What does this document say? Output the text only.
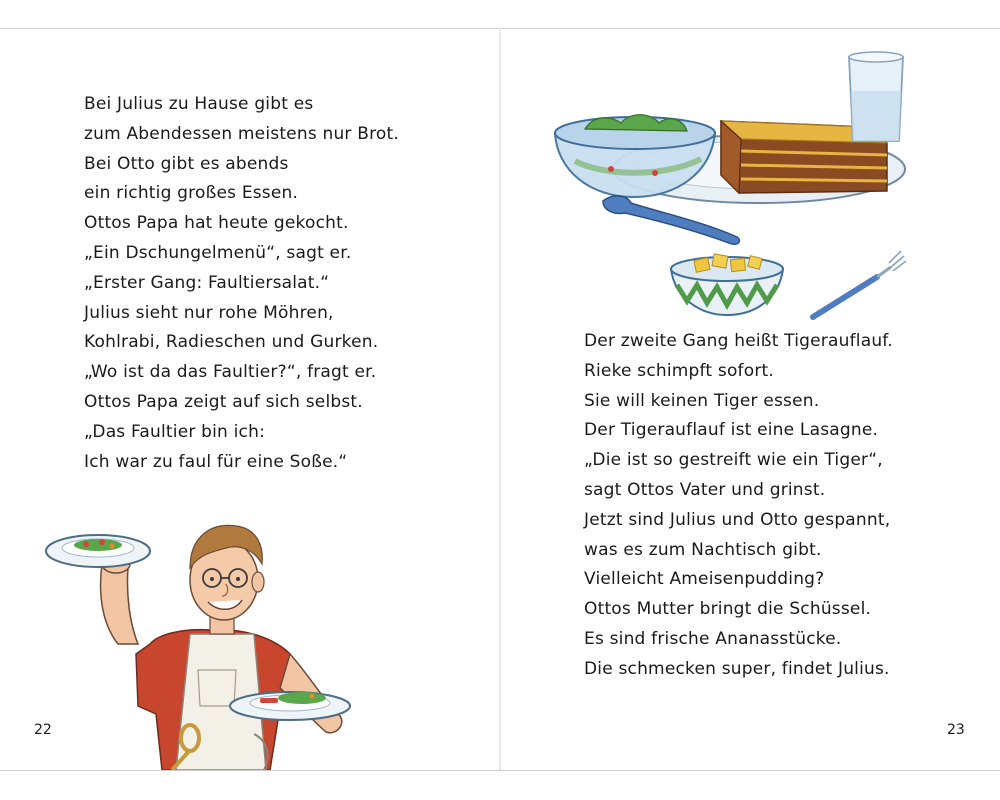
Bei Julius zu Hause gibt es
zum Abendessen meistens nur Brot.
Bei Otto gibt es abends
ein richtig großes Essen.
Ottos Papa hat heute gekocht.
„Ein Dschungelmenü“, sagt er.
„Erster Gang: Faultiersalat.“
Julius sieht nur rohe Möhren,
Kohlrabi, Radieschen und Gurken.
„Wo ist da das Faultier?“, fragt er.
Ottos Papa zeigt auf sich selbst.
„Das Faultier bin ich:
Ich war zu faul für eine Soße.“
22
Der zweite Gang heißt Tigerauflauf.
Rieke schimpft sofort.
Sie will keinen Tiger essen.
Der Tigerauflauf ist eine Lasagne.
„Die ist so gestreift wie ein Tiger“,
sagt Ottos Vater und grinst.
Jetzt sind Julius und Otto gespannt,
was es zum Nachtisch gibt.
Vielleicht Ameisenpudding?
Ottos Mutter bringt die Schüssel.
Es sind frische Ananasstücke.
Die schmecken super, findet Julius.
23
